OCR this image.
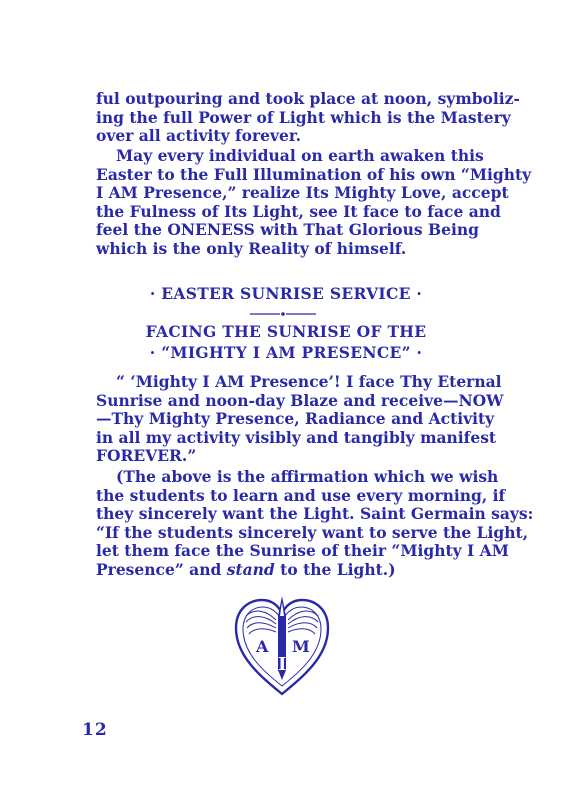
ful outpouring and took place at noon, symboliz-
ing the full Power of Light which is the Mastery
over all activity forever.
May every individual on earth awaken this
Easter to the Full Illumination of his own “Mighty
I AM Presence,” realize Its Mighty Love, accept
the Fulness of Its Light, see It face to face and
feel the ONENESS with That Glorious Being
which is the only Reality of himself.
· EASTER SUNRISE SERVICE ·
FACING THE SUNRISE OF THE
· “MIGHTY I AM PRESENCE” ·
“ ‘Mighty I AM Presence’! I face Thy Eternal
Sunrise and noon-day Blaze and receive—NOW
—Thy Mighty Presence, Radiance and Activity
in all my activity visibly and tangibly manifest
FOREVER.”
(The above is the affirmation which we wish
the students to learn and use every morning, if
they sincerely want the Light. Saint Germain says:
“If the students sincerely want to serve the Light,
let them face the Sunrise of their “Mighty I AM
Presence” and stand to the Light.)
A
I
M
12
